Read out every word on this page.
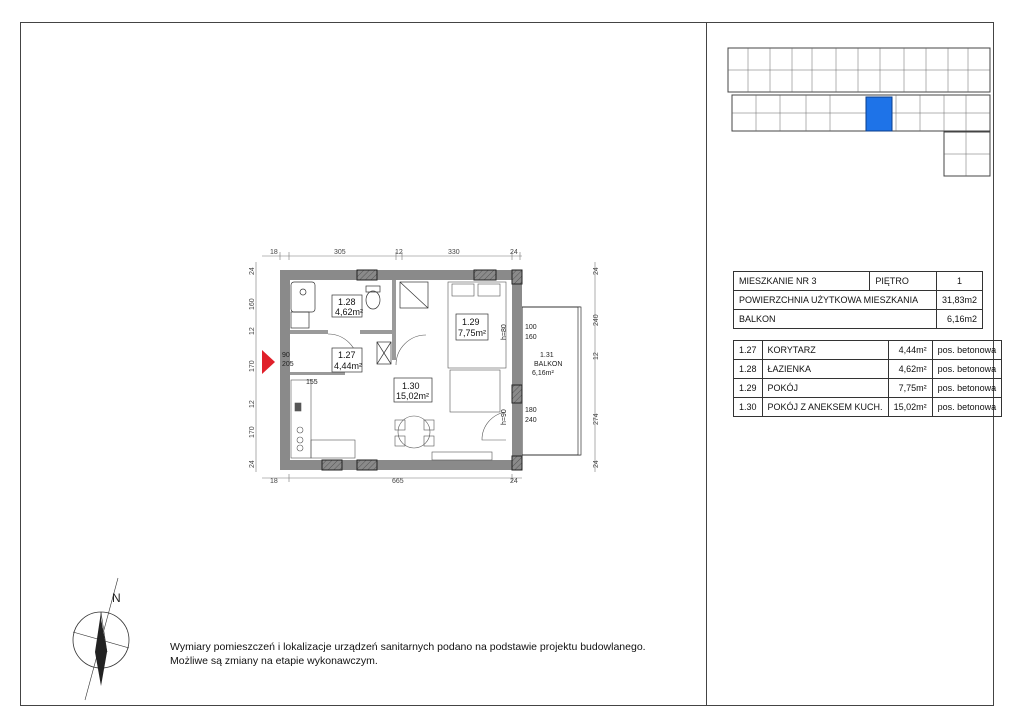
18	305	12	330	24
18	665	24
24
160
12
170
12
170
24
24
240
12
274
24
1.28
4,62m²
1.29
7,75m²
1.27
4,44m²
1.30
15,02m²
1.31
BALKON
6,16m²
90
205
100
160
180
240
155
h=80
h=90
N
MIESZKANIE NR 3	PIĘTRO	1
POWIERZCHNIA UŻYTKOWA MIESZKANIA		31,83m2
BALKON		6,16m2
1.27	KORYTARZ	4,44m²	pos. betonowa
1.28	ŁAZIENKA	4,62m²	pos. betonowa
1.29	POKÓJ	7,75m²	pos. betonowa
1.30	POKÓJ Z ANEKSEM KUCH.	15,02m²	pos. betonowa
Wymiary pomieszczeń i lokalizacje urządzeń sanitarnych podano na podstawie projektu budowlanego.
Możliwe są zmiany na etapie wykonawczym.
